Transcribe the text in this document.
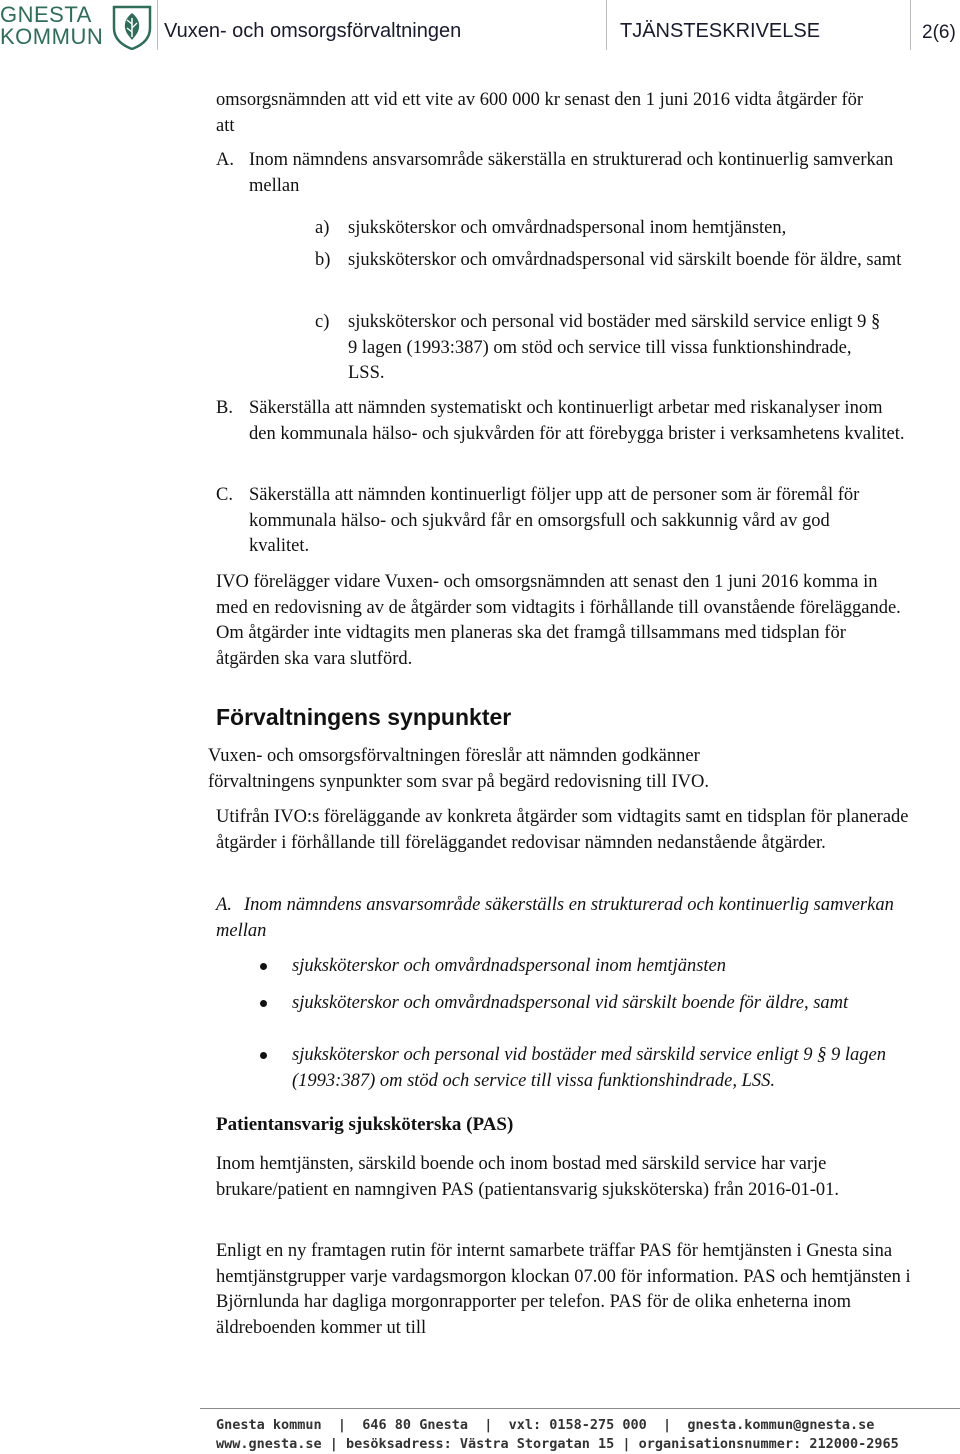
GNESTA
KOMMUN	Vuxen- och omsorgsförvaltningen	TJÄNSTESKRIVELSE	2(6)

omsorgsnämnden att vid ett vite av 600 000 kr senast den 1 juni 2016 vidta åtgärder för att

A. Inom nämndens ansvarsområde säkerställa en strukturerad och kontinuerlig samverkan mellan

a) sjuksköterskor och omvårdnadspersonal inom hemtjänsten,

b) sjuksköterskor och omvårdnadspersonal vid särskilt boende för äldre, samt

c) sjuksköterskor och personal vid bostäder med särskild service enligt 9 § 9 lagen (1993:387) om stöd och service till vissa funktionshindrade, LSS.

B. Säkerställa att nämnden systematiskt och kontinuerligt arbetar med riskanalyser inom den kommunala hälso- och sjukvården för att förebygga brister i verksamhetens kvalitet.

C. Säkerställa att nämnden kontinuerligt följer upp att de personer som är föremål för kommunala hälso- och sjukvård får en omsorgsfull och sakkunnig vård av god kvalitet.

IVO förelägger vidare Vuxen- och omsorgsnämnden att senast den 1 juni 2016 komma in med en redovisning av de åtgärder som vidtagits i förhållande till ovanstående föreläggande. Om åtgärder inte vidtagits men planeras ska det framgå tillsammans med tidsplan för åtgärden ska vara slutförd.

Förvaltningens synpunkter

Vuxen- och omsorgsförvaltningen föreslår att nämnden godkänner förvaltningens synpunkter som svar på begärd redovisning till IVO.

Utifrån IVO:s föreläggande av konkreta åtgärder som vidtagits samt en tidsplan för planerade åtgärder i förhållande till föreläggandet redovisar nämnden nedanstående åtgärder.

A. Inom nämndens ansvarsområde säkerställs en strukturerad och kontinuerlig samverkan mellan

sjuksköterskor och omvårdnadspersonal inom hemtjänsten

sjuksköterskor och omvårdnadspersonal vid särskilt boende för äldre, samt

sjuksköterskor och personal vid bostäder med särskild service enligt 9 § 9 lagen (1993:387) om stöd och service till vissa funktionshindrade, LSS.

Patientansvarig sjuksköterska (PAS)

Inom hemtjänsten, särskild boende och inom bostad med särskild service har varje brukare/patient en namngiven PAS (patientansvarig sjuksköterska) från 2016-01-01.

Enligt en ny framtagen rutin för internt samarbete träffar PAS för hemtjänsten i Gnesta sina hemtjänstgrupper varje vardagsmorgon klockan 07.00 för information. PAS och hemtjänsten i Björnlunda har dagliga morgonrapporter per telefon. PAS för de olika enheterna inom äldreboenden kommer ut till

Gnesta kommun  |  646 80 Gnesta  |  vxl: 0158-275 000  |  gnesta.kommun@gnesta.se
www.gnesta.se | besöksadress: Västra Storgatan 15 | organisationsnummer: 212000-2965
